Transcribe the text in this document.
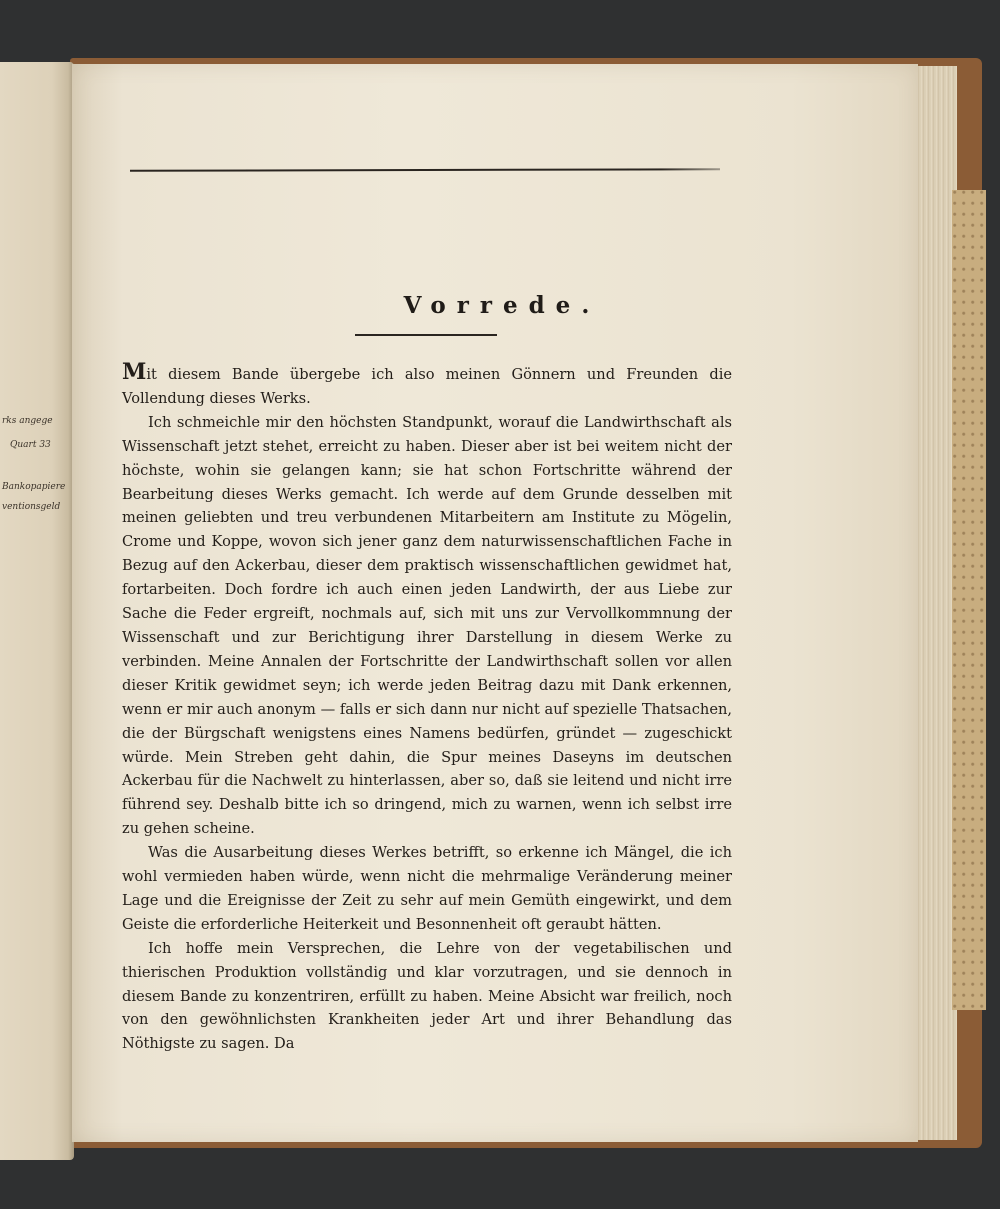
rks angege
Quart 33
Bankopapiere
ventionsgeld
Vorrede.

Mit diesem Bande übergebe ich also meinen Gönnern und Freunden die Vollendung dieses Werks.

Ich schmeichle mir den höchsten Standpunkt, worauf die Landwirthschaft als Wissenschaft jetzt stehet, erreicht zu haben. Dieser aber ist bei weitem nicht der höchste, wohin sie gelangen kann; sie hat schon Fortschritte während der Bearbeitung dieses Werks gemacht. Ich werde auf dem Grunde desselben mit meinen geliebten und treu verbundenen Mitarbeitern am Institute zu Mögelin, Crome und Koppe, wovon sich jener ganz dem naturwissenschaftlichen Fache in Bezug auf den Ackerbau, dieser dem praktisch wissenschaftlichen gewidmet hat, fortarbeiten. Doch fordre ich auch einen jeden Landwirth, der aus Liebe zur Sache die Feder ergreift, nochmals auf, sich mit uns zur Vervollkommnung der Wissenschaft und zur Berichtigung ihrer Darstellung in diesem Werke zu verbinden. Meine Annalen der Fortschritte der Landwirthschaft sollen vor allen dieser Kritik gewidmet seyn; ich werde jeden Beitrag dazu mit Dank erkennen, wenn er mir auch anonym — falls er sich dann nur nicht auf spezielle Thatsachen, die der Bürgschaft wenigstens eines Namens bedürfen, gründet — zugeschickt würde. Mein Streben geht dahin, die Spur meines Daseyns im deutschen Ackerbau für die Nachwelt zu hinterlassen, aber so, daß sie leitend und nicht irre führend sey. Deshalb bitte ich so dringend, mich zu warnen, wenn ich selbst irre zu gehen scheine.

Was die Ausarbeitung dieses Werkes betrifft, so erkenne ich Mängel, die ich wohl vermieden haben würde, wenn nicht die mehrmalige Veränderung meiner Lage und die Ereignisse der Zeit zu sehr auf mein Gemüth eingewirkt, und dem Geiste die erforderliche Heiterkeit und Besonnenheit oft geraubt hätten.

Ich hoffe mein Versprechen, die Lehre von der vegetabilischen und thierischen Produktion vollständig und klar vorzutragen, und sie dennoch in diesem Bande zu konzentriren, erfüllt zu haben. Meine Absicht war freilich, noch von den gewöhnlichsten Krankheiten jeder Art und ihrer Behandlung das Nöthigste zu sagen. Da
